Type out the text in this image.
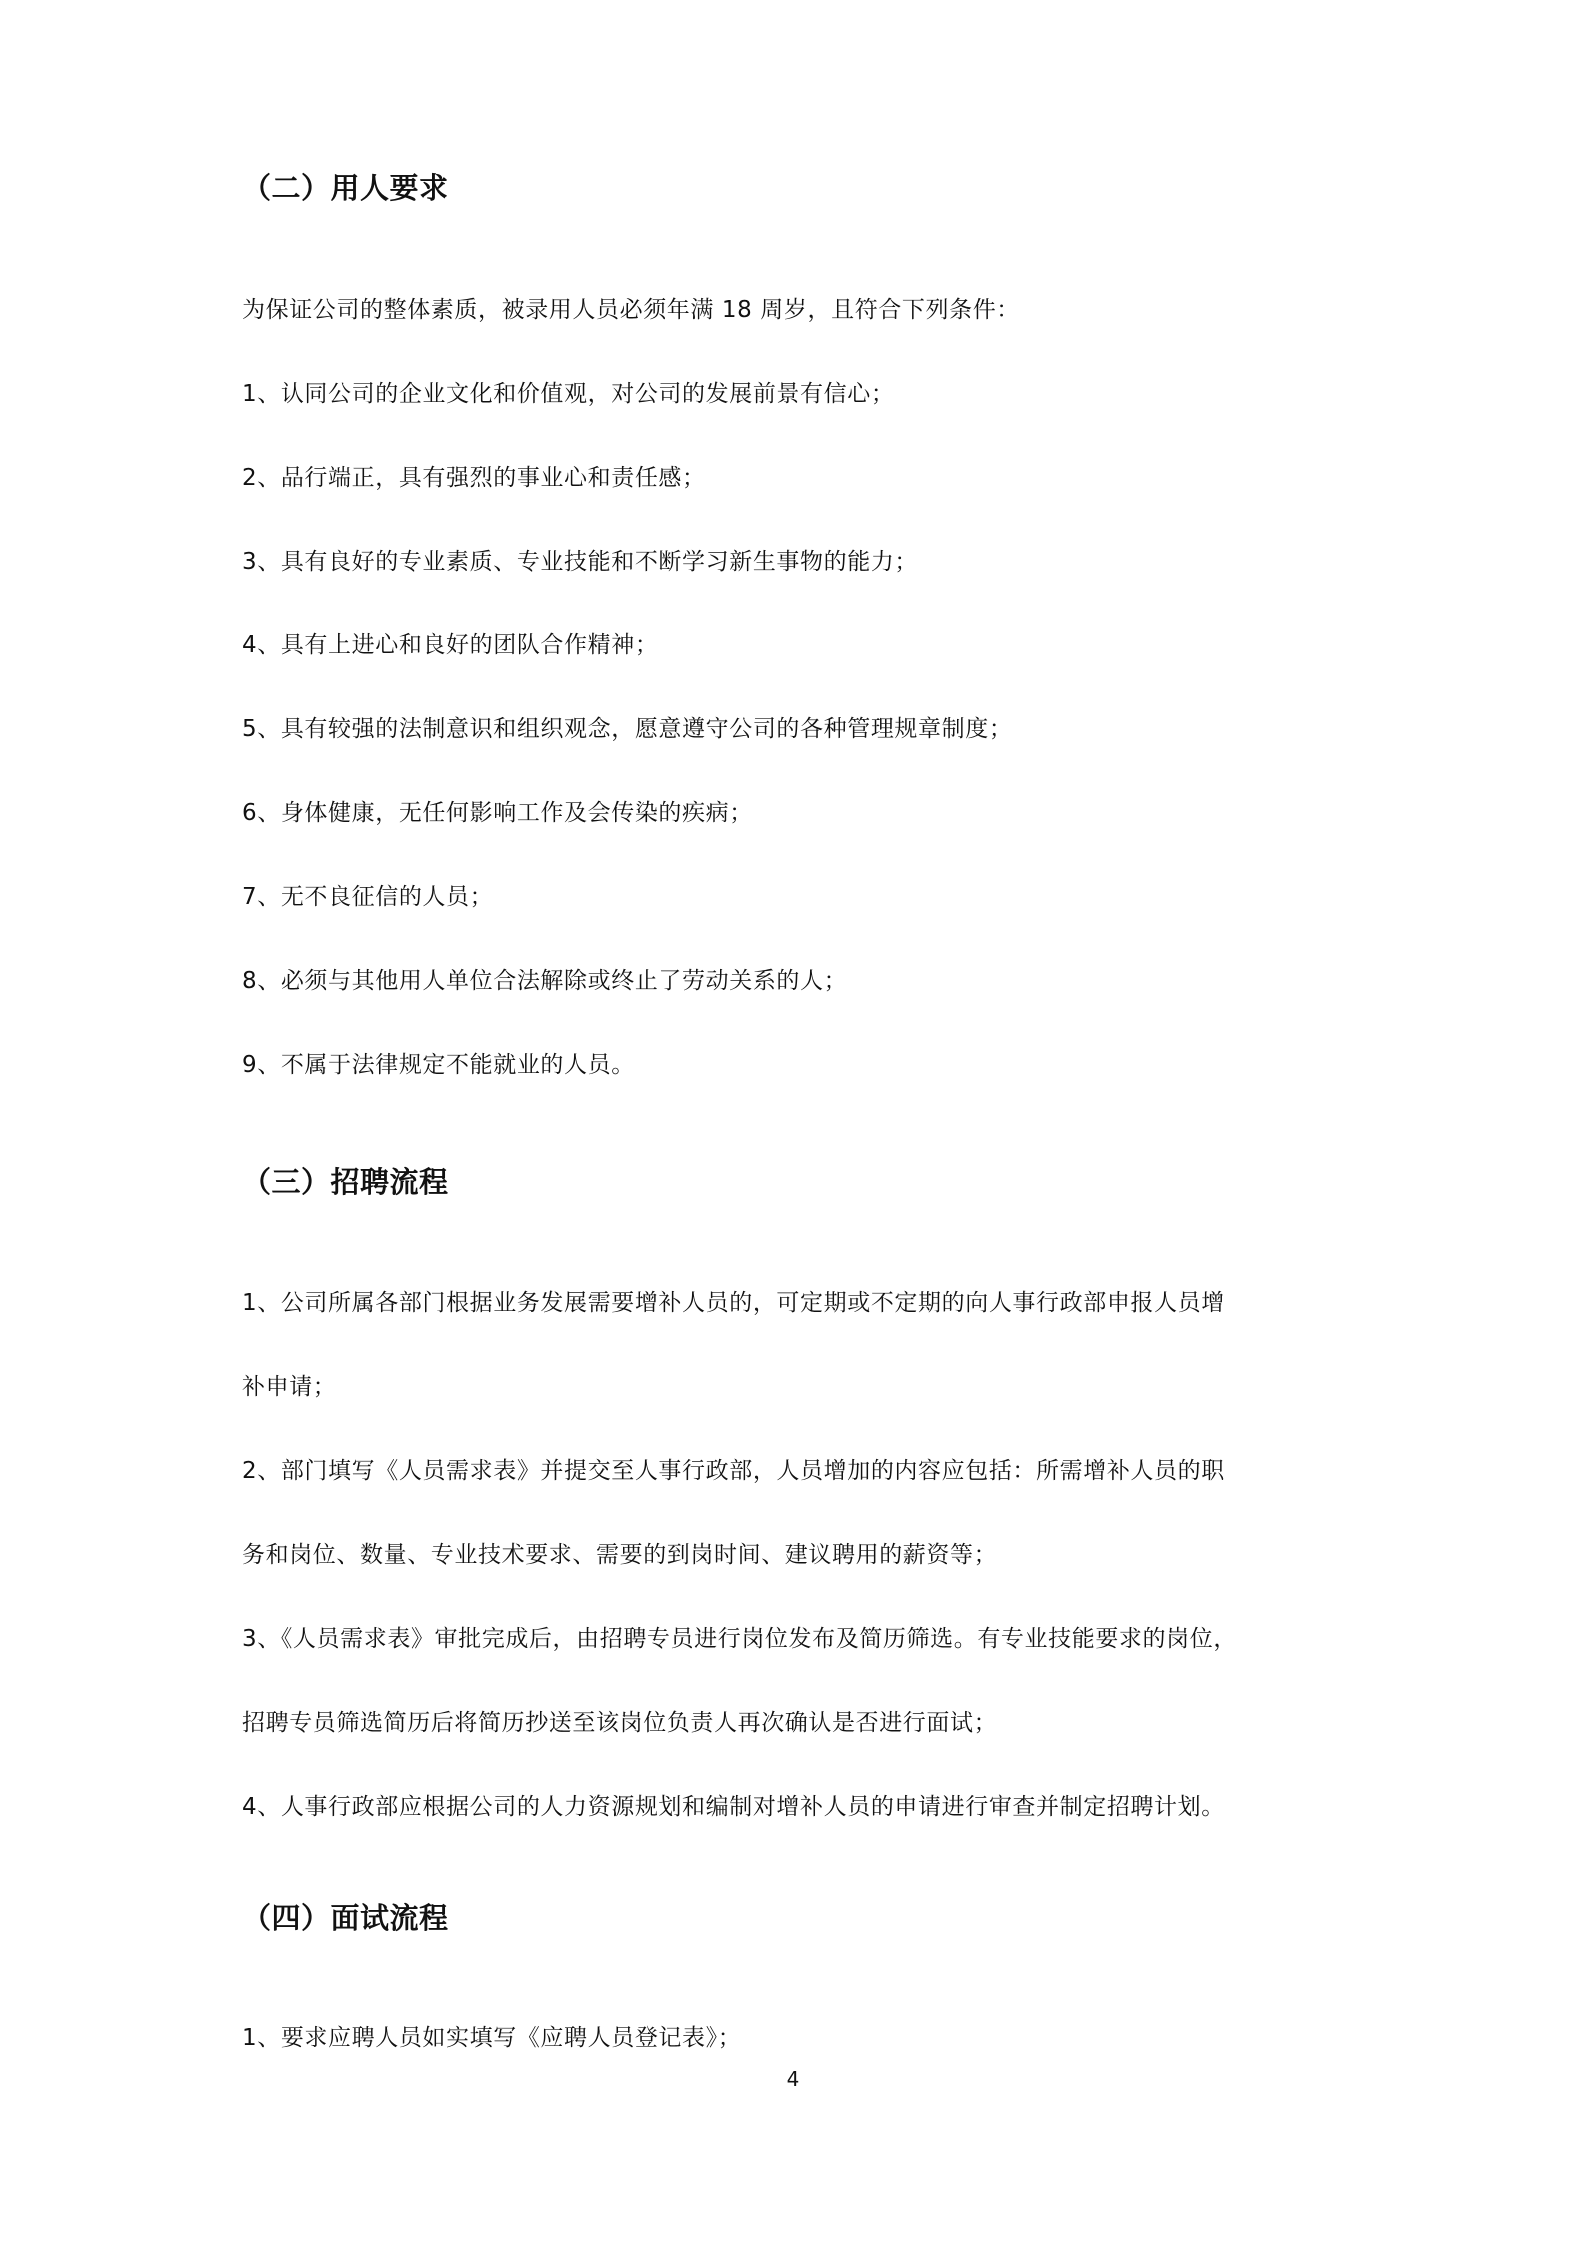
（二）用人要求
为保证公司的整体素质，被录用人员必须年满 18 周岁，且符合下列条件：
1、认同公司的企业文化和价值观，对公司的发展前景有信心；
2、品行端正，具有强烈的事业心和责任感；
3、具有良好的专业素质、专业技能和不断学习新生事物的能力；
4、具有上进心和良好的团队合作精神；
5、具有较强的法制意识和组织观念，愿意遵守公司的各种管理规章制度；
6、身体健康，无任何影响工作及会传染的疾病；
7、无不良征信的人员；
8、必须与其他用人单位合法解除或终止了劳动关系的人；
9、不属于法律规定不能就业的人员。
（三）招聘流程
1、公司所属各部门根据业务发展需要增补人员的，可定期或不定期的向人事行政部申报人员增
补申请；
2、部门填写《人员需求表》并提交至人事行政部，人员增加的内容应包括：所需增补人员的职
务和岗位、数量、专业技术要求、需要的到岗时间、建议聘用的薪资等；
3、《人员需求表》审批完成后，由招聘专员进行岗位发布及简历筛选。有专业技能要求的岗位，
招聘专员筛选简历后将简历抄送至该岗位负责人再次确认是否进行面试；
4、人事行政部应根据公司的人力资源规划和编制对增补人员的申请进行审查并制定招聘计划。
（四）面试流程
1、要求应聘人员如实填写《应聘人员登记表》；
4
